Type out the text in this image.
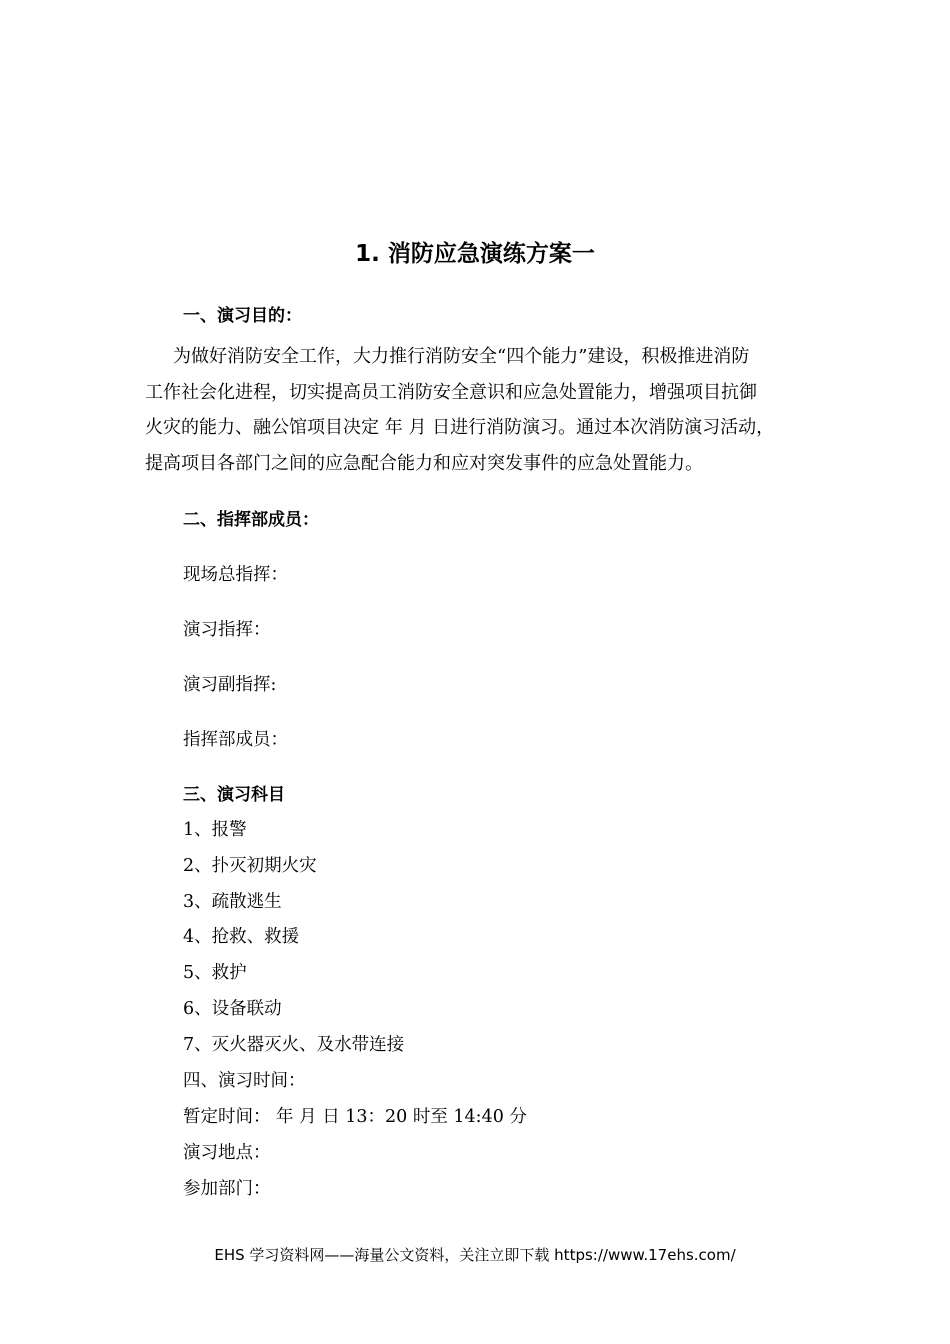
1. 消防应急演练方案一
一、演习目的：
为做好消防安全工作，大力推行消防安全“四个能力”建设，积极推进消防
工作社会化进程，切实提高员工消防安全意识和应急处置能力，增强项目抗御
火灾的能力、融公馆项目决定 年 月 日进行消防演习。通过本次消防演习活动，
提高项目各部门之间的应急配合能力和应对突发事件的应急处置能力。
二、指挥部成员：
现场总指挥：
演习指挥：
演习副指挥:
指挥部成员：
三、演习科目
1、报警
2、扑灭初期火灾
3、疏散逃生
4、抢救、救援
5、救护
6、设备联动
7、灭火器灭火、及水带连接
四、演习时间：
暂定时间： 年 月 日 13：20 时至 14:40 分
演习地点：
参加部门：
EHS 学习资料网——海量公文资料，关注立即下载 https://www.17ehs.com/
